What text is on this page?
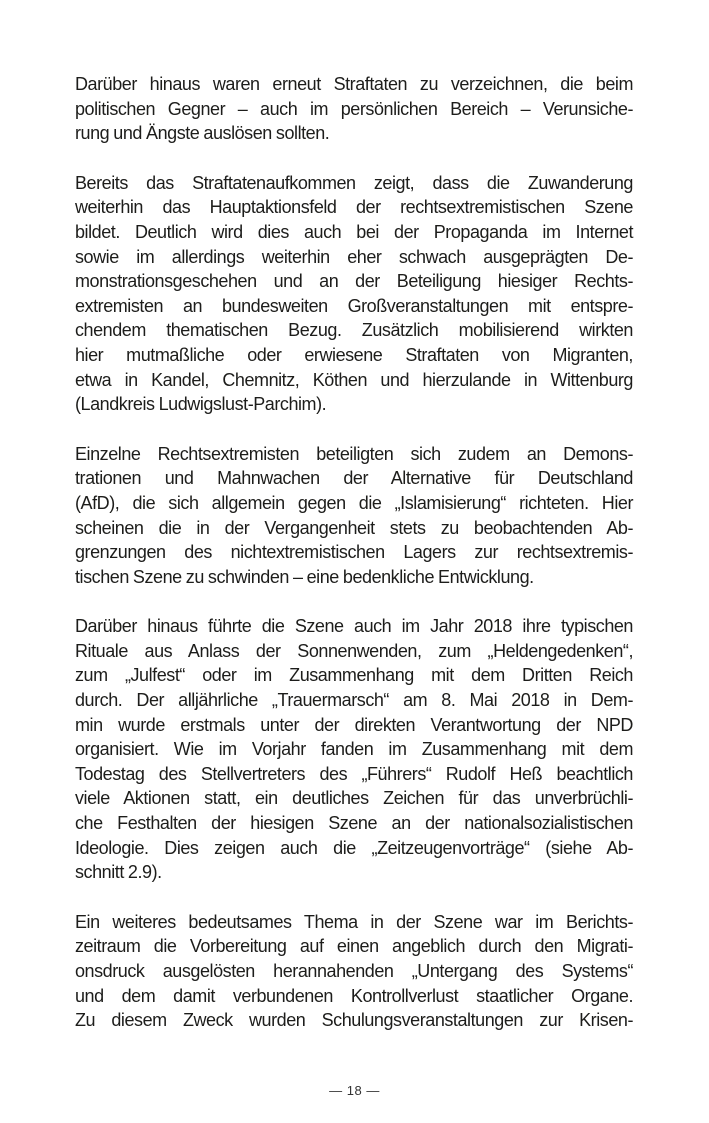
Darüber hinaus waren erneut Straftaten zu verzeichnen, die beim
politischen Gegner – auch im persönlichen Bereich – Verunsiche-
rung und Ängste auslösen sollten.

Bereits das Straftatenaufkommen zeigt, dass die Zuwanderung
weiterhin das Hauptaktionsfeld der rechtsextremistischen Szene
bildet. Deutlich wird dies auch bei der Propaganda im Internet
sowie im allerdings weiterhin eher schwach ausgeprägten De-
monstrationsgeschehen und an der Beteiligung hiesiger Rechts-
extremisten an bundesweiten Großveranstaltungen mit entspre-
chendem thematischen Bezug. Zusätzlich mobilisierend wirkten
hier mutmaßliche oder erwiesene Straftaten von Migranten,
etwa in Kandel, Chemnitz, Köthen und hierzulande in Wittenburg
(Landkreis Ludwigslust-Parchim).

Einzelne Rechtsextremisten beteiligten sich zudem an Demons-
trationen und Mahnwachen der Alternative für Deutschland
(AfD), die sich allgemein gegen die „Islamisierung“ richteten. Hier
scheinen die in der Vergangenheit stets zu beobachtenden Ab-
grenzungen des nichtextremistischen Lagers zur rechtsextremis-
tischen Szene zu schwinden – eine bedenkliche Entwicklung.

Darüber hinaus führte die Szene auch im Jahr 2018 ihre typischen
Rituale aus Anlass der Sonnenwenden, zum „Heldengedenken“,
zum „Julfest“ oder im Zusammenhang mit dem Dritten Reich
durch. Der alljährliche „Trauermarsch“ am 8. Mai 2018 in Dem-
min wurde erstmals unter der direkten Verantwortung der NPD
organisiert. Wie im Vorjahr fanden im Zusammenhang mit dem
Todestag des Stellvertreters des „Führers“ Rudolf Heß beachtlich
viele Aktionen statt, ein deutliches Zeichen für das unverbrüchli-
che Festhalten der hiesigen Szene an der nationalsozialistischen
Ideologie. Dies zeigen auch die „Zeitzeugenvorträge“ (siehe Ab-
schnitt 2.9).

Ein weiteres bedeutsames Thema in der Szene war im Berichts-
zeitraum die Vorbereitung auf einen angeblich durch den Migrati-
onsdruck ausgelösten herannahenden „Untergang des Systems“
und dem damit verbundenen Kontrollverlust staatlicher Organe.
Zu diesem Zweck wurden Schulungsveranstaltungen zur Krisen-

— 18 —
